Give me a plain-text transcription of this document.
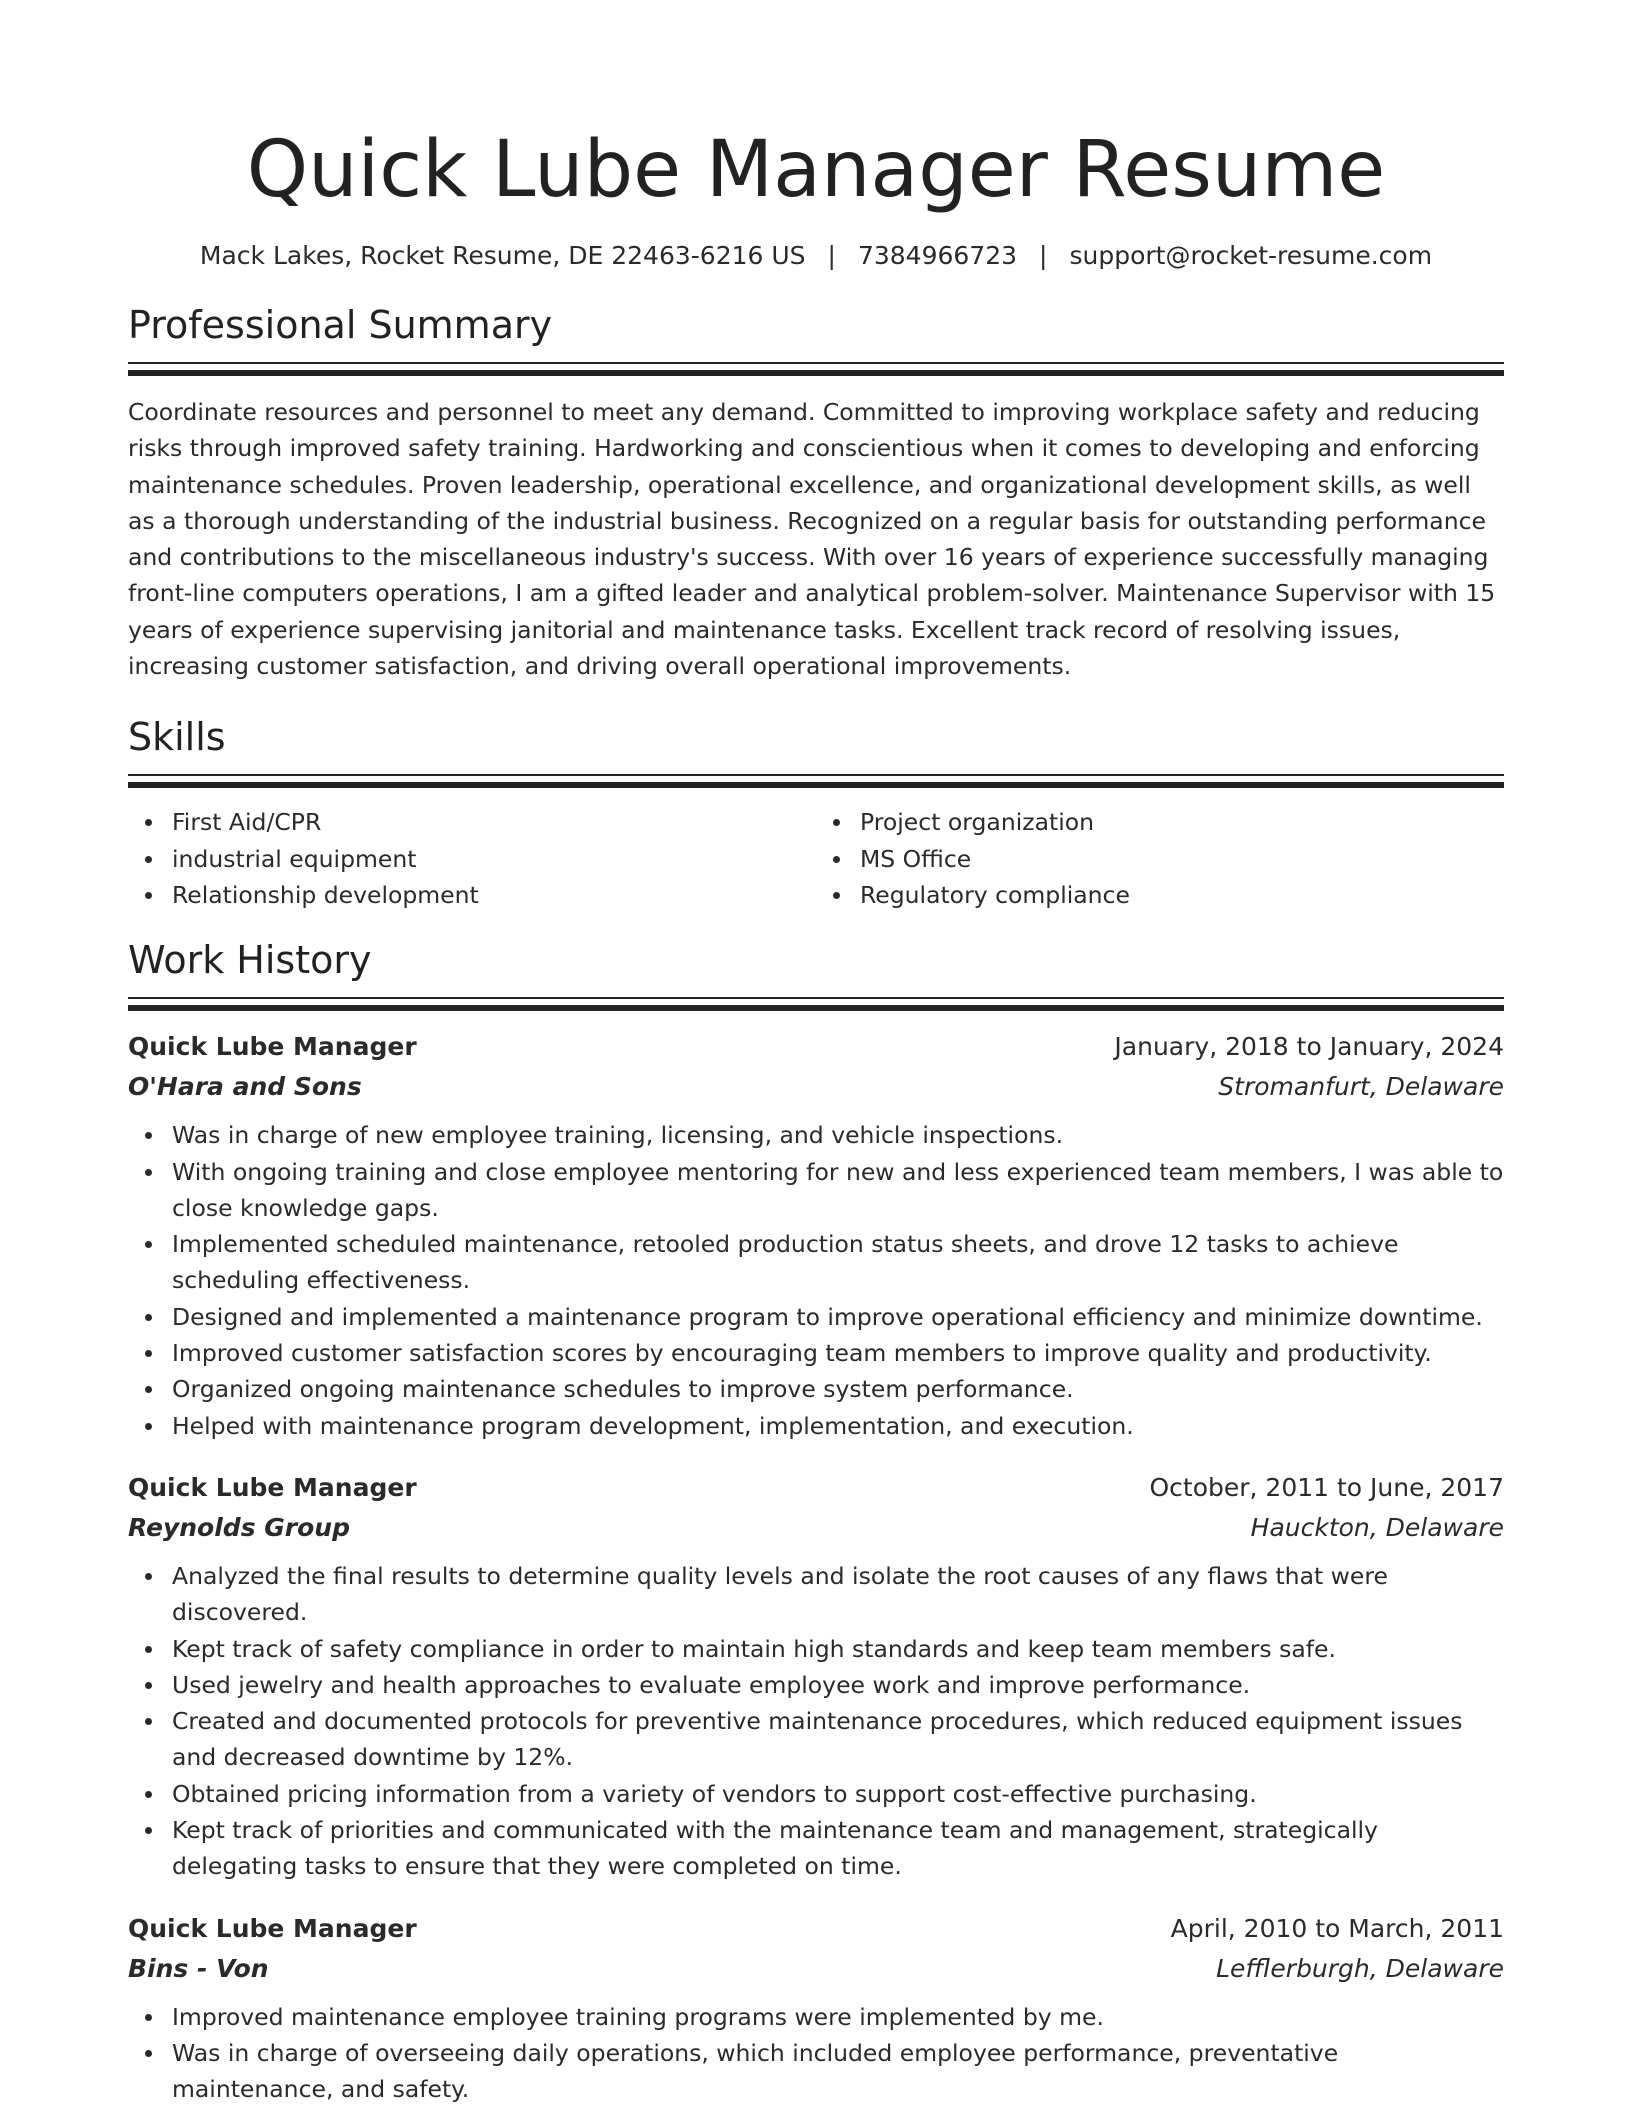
Quick Lube Manager Resume
Mack Lakes, Rocket Resume, DE 22463-6216 US | 7384966723 | support@rocket-resume.com
Professional Summary
Coordinate resources and personnel to meet any demand. Committed to improving workplace safety and reducing risks through improved safety training. Hardworking and conscientious when it comes to developing and enforcing maintenance schedules. Proven leadership, operational excellence, and organizational development skills, as well as a thorough understanding of the industrial business. Recognized on a regular basis for outstanding performance and contributions to the miscellaneous industry's success. With over 16 years of experience successfully managing front-line computers operations, I am a gifted leader and analytical problem-solver. Maintenance Supervisor with 15 years of experience supervising janitorial and maintenance tasks. Excellent track record of resolving issues, increasing customer satisfaction, and driving overall operational improvements.
Skills
First Aid/CPR
industrial equipment
Relationship development
Project organization
MS Office
Regulatory compliance
Work History
Quick Lube Manager	January, 2018 to January, 2024
O'Hara and Sons	Stromanfurt, Delaware
Was in charge of new employee training, licensing, and vehicle inspections.
With ongoing training and close employee mentoring for new and less experienced team members, I was able to close knowledge gaps.
Implemented scheduled maintenance, retooled production status sheets, and drove 12 tasks to achieve scheduling effectiveness.
Designed and implemented a maintenance program to improve operational efficiency and minimize downtime.
Improved customer satisfaction scores by encouraging team members to improve quality and productivity.
Organized ongoing maintenance schedules to improve system performance.
Helped with maintenance program development, implementation, and execution.
Quick Lube Manager	October, 2011 to June, 2017
Reynolds Group	Hauckton, Delaware
Analyzed the final results to determine quality levels and isolate the root causes of any flaws that were discovered.
Kept track of safety compliance in order to maintain high standards and keep team members safe.
Used jewelry and health approaches to evaluate employee work and improve performance.
Created and documented protocols for preventive maintenance procedures, which reduced equipment issues and decreased downtime by 12%.
Obtained pricing information from a variety of vendors to support cost-effective purchasing.
Kept track of priorities and communicated with the maintenance team and management, strategically delegating tasks to ensure that they were completed on time.
Quick Lube Manager	April, 2010 to March, 2011
Bins - Von	Lefflerburgh, Delaware
Improved maintenance employee training programs were implemented by me.
Was in charge of overseeing daily operations, which included employee performance, preventative maintenance, and safety.
